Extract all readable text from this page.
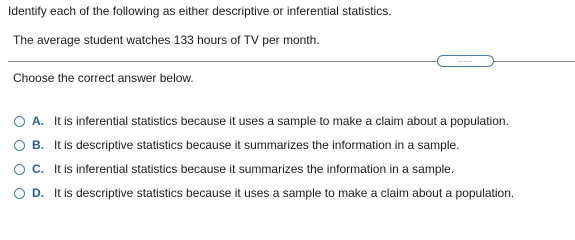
Identify each of the following as either descriptive or inferential statistics.
The average student watches 133 hours of TV per month.
.....
Choose the correct answer below.
A. It is inferential statistics because it uses a sample to make a claim about a population.
B. It is descriptive statistics because it summarizes the information in a sample.
C. It is inferential statistics because it summarizes the information in a sample.
D. It is descriptive statistics because it uses a sample to make a claim about a population.
